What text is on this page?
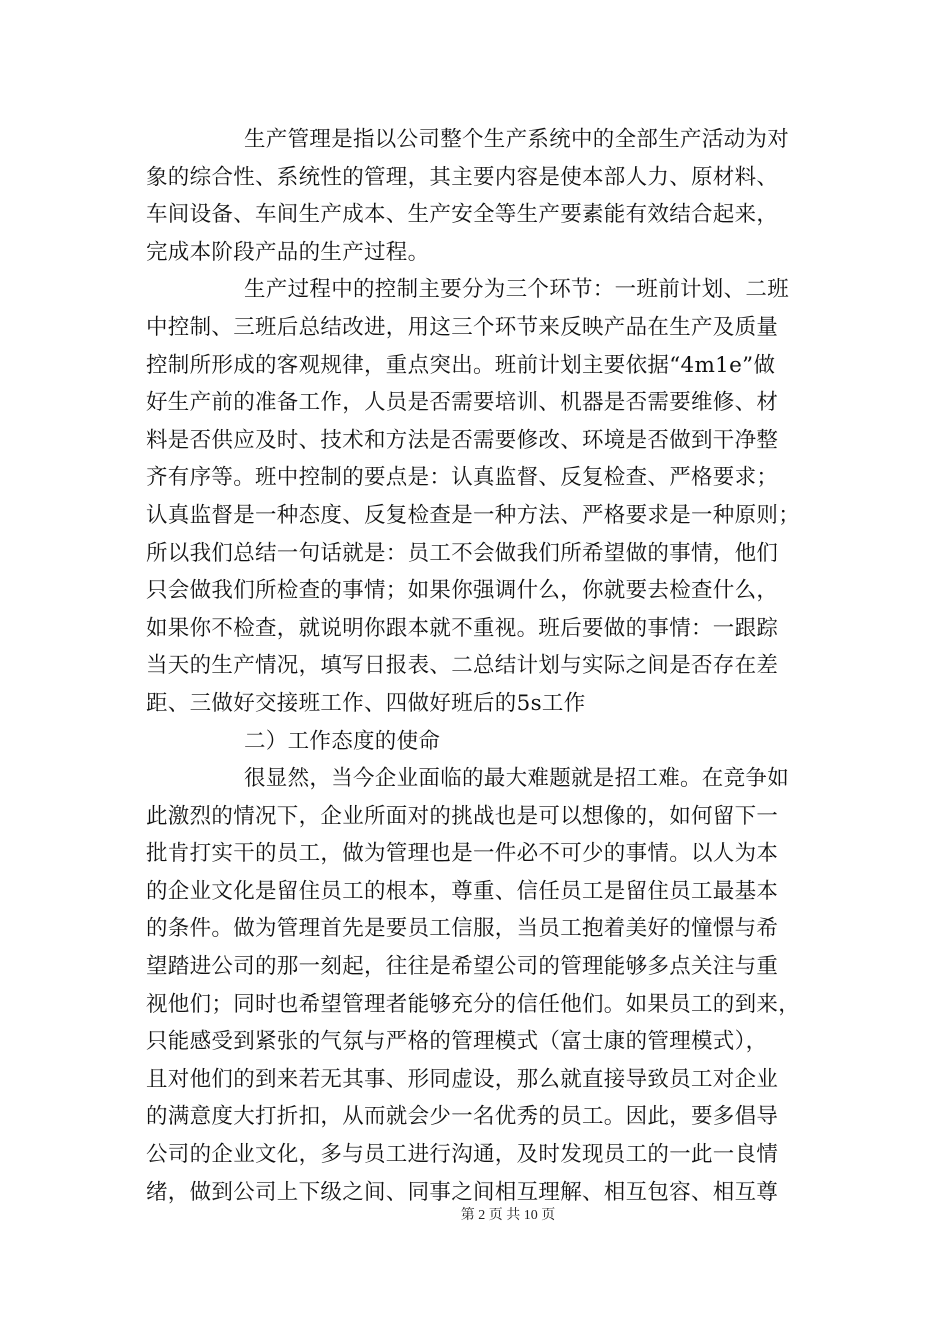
生产管理是指以公司整个生产系统中的全部生产活动为对
象的综合性、系统性的管理，其主要内容是使本部人力、原材料、
车间设备、车间生产成本、生产安全等生产要素能有效结合起来，
完成本阶段产品的生产过程。
生产过程中的控制主要分为三个环节：一班前计划、二班
中控制、三班后总结改进，用这三个环节来反映产品在生产及质量
控制所形成的客观规律，重点突出。班前计划主要依据“4m1e”做
好生产前的准备工作，人员是否需要培训、机器是否需要维修、材
料是否供应及时、技术和方法是否需要修改、环境是否做到干净整
齐有序等。班中控制的要点是：认真监督、反复检查、严格要求；
认真监督是一种态度、反复检查是一种方法、严格要求是一种原则；
所以我们总结一句话就是：员工不会做我们所希望做的事情，他们
只会做我们所检查的事情；如果你强调什么，你就要去检查什么，
如果你不检查，就说明你跟本就不重视。班后要做的事情：一跟踪
当天的生产情况，填写日报表、二总结计划与实际之间是否存在差
距、三做好交接班工作、四做好班后的5s工作
二）工作态度的使命
很显然，当今企业面临的最大难题就是招工难。在竞争如
此激烈的情况下，企业所面对的挑战也是可以想像的，如何留下一
批肯打实干的员工，做为管理也是一件必不可少的事情。以人为本
的企业文化是留住员工的根本，尊重、信任员工是留住员工最基本
的条件。做为管理首先是要员工信服，当员工抱着美好的憧憬与希
望踏进公司的那一刻起，往往是希望公司的管理能够多点关注与重
视他们；同时也希望管理者能够充分的信任他们。如果员工的到来，
只能感受到紧张的气氛与严格的管理模式（富士康的管理模式），
且对他们的到来若无其事、形同虚设，那么就直接导致员工对企业
的满意度大打折扣，从而就会少一名优秀的员工。因此，要多倡导
公司的企业文化，多与员工进行沟通，及时发现员工的一此一良情
绪，做到公司上下级之间、同事之间相互理解、相互包容、相互尊
第 2 页 共 10 页
